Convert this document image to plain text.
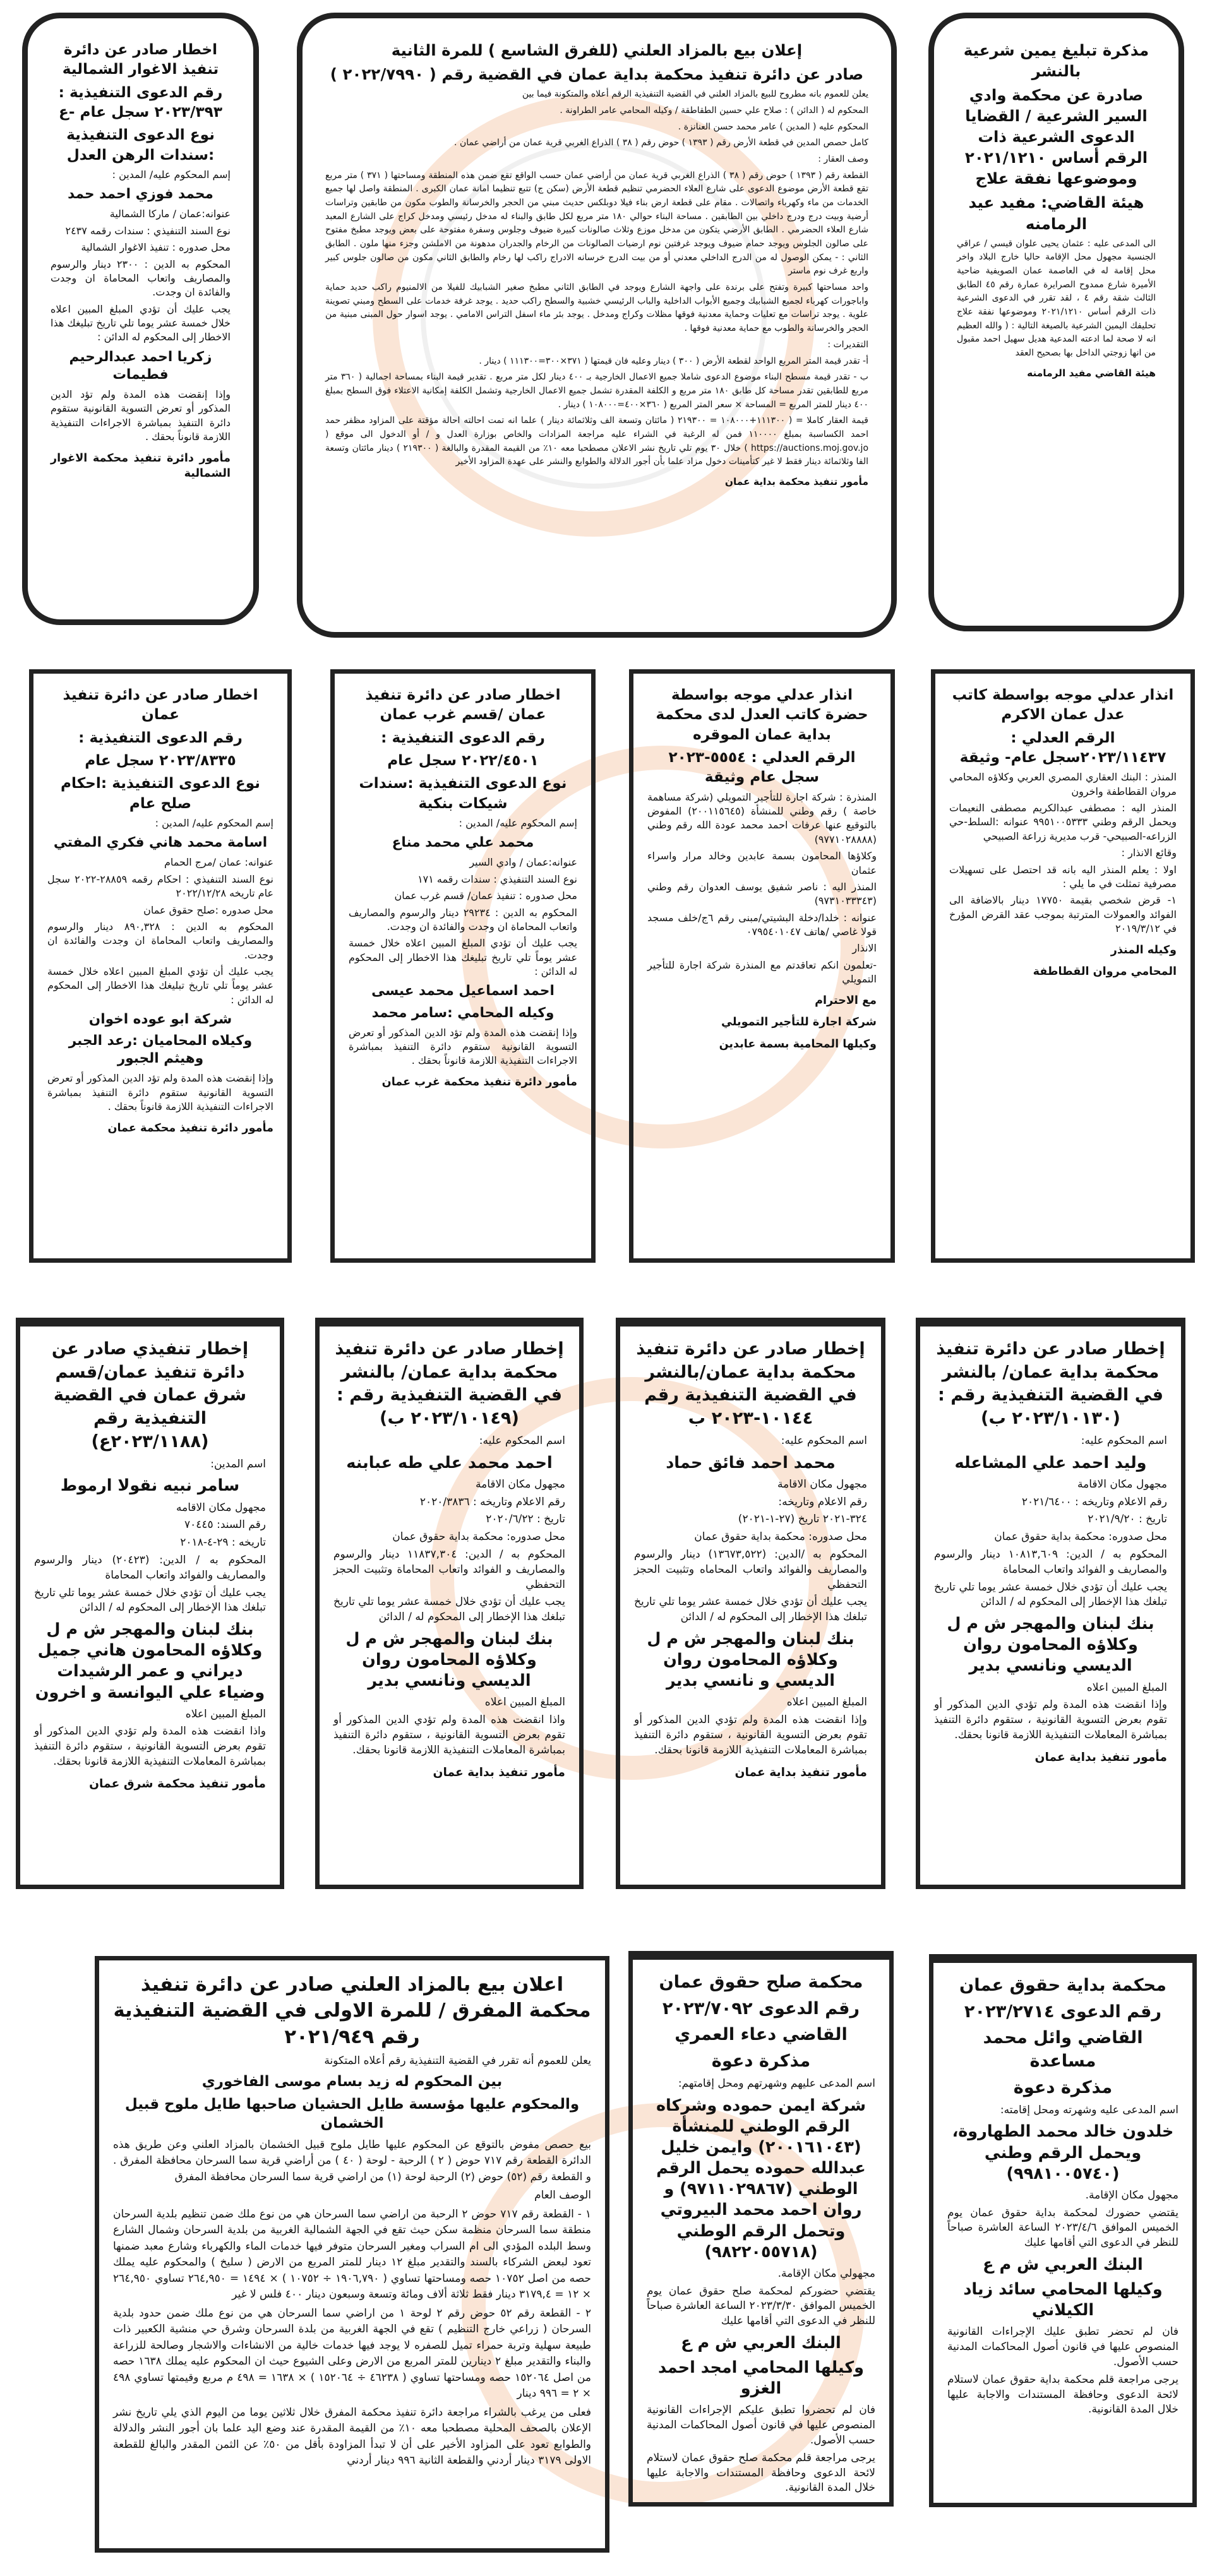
اخطار صادر عن دائرة تنفيذ الاغوار الشمالية
رقم الدعوى التنفيذية : ٢٠٢٣/٣٩٣ سجل عام -ع
نوع الدعوى التنفيذية :سندات الرهن العدل
إسم المحكوم عليه/ المدين :
محمد فوزي احمد حمد
عنوانه:عمان / ماركا الشمالية
نوع السند التنفيذي : سندات رقمه ٢٤٣٧
محل صدوره : تنفيذ الاغوار الشمالية
المحكوم به الدين : ٢٣٠٠ دينار والرسوم والمصاريف واتعاب المحاماة ان وجدت والفائدة ان وجدت.
يجب عليك أن تؤدي المبلغ المبين اعلاه خلال خمسة عشر يوما تلي تاريخ تبليغك هذا الاخطار إلى المحكوم له الدائن :
زكريا احمد عبدالرحيم فطيمات
وإذا إنقضت هذه المدة ولم تؤد الدين المذكور أو تعرض التسوية القانونية ستقوم دائرة التنفيذ بمباشرة الاجراءات التنفيذية اللازمة قانوناً بحقك .
مأمور دائرة تنفيذ محكمة الاغوار الشمالية
إعلان بيع بالمزاد العلني (للفرق الشاسع ) للمرة الثانية
صادر عن دائرة تنفيذ محكمة بداية عمان في القضية رقم ( ٢٠٢٢/٧٩٩٠ )
يعلن للعموم بانه مطروح للبيع بالمزاد العلني في القضية التنفيذية الرقم أعلاه والمتكونة فيما بين
المحكوم له ( الدائن ) : صلاح علي حسين الطقاطقة / وكيله المحامي عامر الطراونة .
المحكوم عليه ( المدين ) عامر محمد حسن العنانزة .
كامل حصص المدين في قطعة الأرض رقم ( ١٣٩٣ ) حوض رقم ( ٣٨ ) الذراع الغربي قرية عمان من أراضي عمان .
وصف العقار :
القطعة رقم ( ١٣٩٣ ) حوض رقم ( ٣٨ ) الذراع الغربي قرية عمان من أراضي عمان حسب الواقع تقع ضمن هذه المنطقة ومساحتها ( ٣٧١ ) متر مربع تقع قطعة الأرض موضوع الدعوى على شارع العلاء الحضرمي تنظيم قطعة الأرض (سكن ج) تتبع تنظيما امانة عمان الكبرى . المنطقة واصل لها جميع الخدمات من ماء وكهرباء واتصالات . مقام على قطعة ارض بناء فيلا دوبلكس حديث مبني من الحجر والخرسانة والطوب مكون من طابقين وتراسات أرضية وبيت درج ودرج داخلي بين الطابقين . مساحة البناء حوالي ١٨٠ متر مربع لكل طابق والبناء له مدخل رئيسي ومدخل كراج على الشارع المعبد شارع العلاء الحضرمي . الطابق الأرضي يتكون من مدخل موزع وثلاث صالونات كبيرة ضيوف وجلوس وسفرة مفتوحة على بعض ويوجد مطبخ مفتوح على صالون الجلوس ويوجد حمام ضيوف ويوجد غرفتين نوم ارضيات الصالونات من الرخام والجدران مدهونة من الاملشن وجزء منها ملون . الطابق الثاني : - يمكن الوصول له من الدرج الداخلي معدني أو من بيت الدرج خرسانه الادراج راكب لها رخام والطابق الثاني مكون من صالون جلوس كبير واربع غرف نوم ماستر
واحد مساحتها كبيرة وتفتح على برندة على واجهة الشارع ويوجد في الطابق الثاني مطبخ صغير الشبابيك للفيلا من الالمنيوم راكب حديد حماية واباجورات كهرباء لجميع الشبابيك وجميع الأبواب الداخلية والباب الرئيسي خشبية والسطح راكب حديد . يوجد غرفة خدمات على السطح ومبني تصوينة علوية . يوجد تراسات مع تعليات وحماية معدنية فوقها مظلات وكراج ومدخل . يوجد بئر ماء اسفل التراس الامامي . يوجد اسوار حول المبنى مبنية من الحجر والخرسانة والطوب مع حماية معدنية فوقها .
التقديرات :
أ- تقدر قيمة المتر المربع الواحد لقطعة الأرض ( ٣٠٠ ) دينار وعليه فان قيمتها ( ٣٧١×٣٠٠=١١١٣٠٠ ) دينار .
ب - تقدر قيمة مسطح البناء موضوع الدعوى شاملا جميع الاعمال الخارجية بـ ٤٠٠ دينار لكل متر مربع . تقدير قيمة البناء بمساحة اجمالية ( ٣٦٠ متر مربع للطابقين تقدر مساحة كل طابق ١٨٠ متر مربع و الكلفة المقدرة تشمل جميع الاعمال الخارجية وتشمل الكلفة إمكانية الاعتلاء فوق السطح بمبلغ ٤٠٠ دينار للمتر المربع = المساحة × سعر المتر المربع ( ٣٦٠×٤٠٠=١٠٨٠٠٠ ) دينار .
قيمة العقار كاملا = ( ١١١٣٠٠+١٠٨٠٠٠ = ٢١٩٣٠٠ ( مائتان وتسعة الف وثلاثمائة دينار ) علما انه تمت احالته احالة مؤقتة على المزاود مظفر حمد احمد الكساسبة بمبلغ ١١٠٠٠٠ فمن له الرغبة في الشراء عليه مراجعة المزادات والخاص بوزارة العدل و / أو الدخول الى موقع ( https://auctions.moj.gov.jo ) خلال ٣٠ يوم تلي تاريخ نشر الاعلان مصطحبا معه ١٠٪ من القيمة المقدرة والبالغة ( ٢١٩٣٠٠ ) دينار مائتان وتسعة الفا وثلاثمائة دينار فقط لا غير كتأمينات دخول مزاد علما بأن أجور الدلالة والطوابع والنشر على عهدة المزاود الأخير
مأمور تنفيذ محكمة بداية عمان
مذكرة تبليغ يمين شرعية بالنشر
صادرة عن محكمة وادي السير الشرعية / القضايا الدعوى الشرعية ذات الرقم أساس ٢٠٢١/١٢١٠ وموضوعها نفقة علاج
هيئة القاضي: مفيد عيد الرمامنه
الى المدعى عليه : عثمان يحيى علوان قيسي / عراقي الجنسية مجهول محل الإقامة حاليا خارج البلاد واخر محل إقامة له في العاصمة عمان الصويفية ضاحية الأميرة شارع ممدوح الصرايرة عمارة رقم ٤٥ الطابق الثالث شقة رقم ٤ ، لقد تقرر في الدعوى الشرعية ذات الرقم أساس ٢٠٢١/١٢١٠ وموضوعها نفقة علاج تحليفك اليمين الشرعية بالصيغة التالية : ( والله العظيم انه لا صحة لما ادعته المدعية هديل سهيل احمد مقبول من انها زوجتي الداخل بها بصحيح العقد
هيئة القاضي مفيد الرمامنه
اخطار صادر عن دائرة تنفيذ عمان
رقم الدعوى التنفيذية :
٢٠٢٣/٨٣٣٥ سجل عام
نوع الدعوى التنفيذية :احكام صلح عام
إسم المحكوم عليه/ المدين :
اسامة محمد هاني فكري المفتي
عنوانه: عمان /مرج الحمام
نوع السند التنفيذي : احكام رقمه ٢٨٨٥٩-٢٠٢٢ سجل عام تاريخه ٢٠٢٢/١٢/٢٨
محل صدوره :صلح حقوق عمان
المحكوم به الدين : ٨٩٠,٣٢٨ دينار والرسوم والمصاريف واتعاب المحاماة ان وجدت والفائدة ان وجدت.
يجب عليك أن تؤدي المبلغ المبين اعلاه خلال خمسة عشر يوماً تلي تاريخ تبليغك هذا الاخطار إلى المحكوم له الدائن :
شركة ابو عوده اخوان
وكيلاه المحاميان :رعد الجبر وهيثم الجبور
وإذا إنقضت هذه المدة ولم تؤد الدين المذكور أو تعرض التسوية القانونية ستقوم دائرة التنفيذ بمباشرة الاجراءات التنفيذية اللازمة قانوناً بحقك .
مأمور دائرة تنفيذ محكمة عمان
اخطار صادر عن دائرة تنفيذ عمان /قسم غرب عمان
رقم الدعوى التنفيذية :
٢٠٢٢/٤٥٠١ سجل عام
نوع الدعوى التنفيذية :سندات شيكات بنكية
إسم المحكوم عليه/ المدين :
محمد علي محمد مناع
عنوانه:عمان / وادي السير
نوع السند التنفيذي : سندات رقمه ١٧١
محل صدوره : تنفيذ عمان/ قسم غرب عمان
المحكوم به الدين : ٢٩٢٣٤ دينار والرسوم والمصاريف واتعاب المحاماة ان وجدت والفائدة ان وجدت.
يجب عليك أن تؤدي المبلغ المبين اعلاه خلال خمسة عشر يوماً تلي تاريخ تبليغك هذا الاخطار إلى المحكوم له الدائن :
احمد اسماعيل محمد عيسى
وكيله المحامي :سامر محمد
وإذا إنقضت هذه المدة ولم تؤد الدين المذكور أو تعرض التسوية القانونية ستقوم دائرة التنفيذ بمباشرة الاجراءات التنفيذية اللازمة قانوناً بحقك .
مأمور دائرة تنفيذ محكمة غرب عمان
انذار عدلي موجه بواسطة حضرة كاتب العدل لدى محكمة بداية عمان الموقره
الرقم العدلي : ٥٥٥٤-٢٠٢٣ سجل عام وثيقة
المنذرة : شركة اجارة للتأجير التمويلي (شركة مساهمة خاصة ) رقم وطني للمنشأة (٢٠٠١١٥٦٤٥) المفوض بالتوقيع عنها عرفات احمد محمد عودة الله رقم وطني (٩٧٧١٠٢٨٨٨٨)
وكلاؤها المحامون بسمة عابدين وخالد مرار واسراء عثمان
المنذر اليه : ناصر شفيق يوسف العدوان رقم وطني (٩٧٣١٠٣٣٣٤٣)
عنوانه : خلدا/دخلة البشيتي/مبنى رقم ٦ج/خلف مسجد قولا غاصي /هاتف ٠٧٩٥٤٠١٠٤٧
الانذار
-تعلمون انكم تعاقدتم مع المنذرة شركة اجارة للتأجير التمويلي
مع الاحترام
شركة اجارة للتأجير التمويلي
وكيلها المحامية بسمة عابدين
انذار عدلي موجه بواسطة كاتب عدل عمان الاكرم
الرقم العدلي : ٢٠٢٣/١١٤٣٧سجل عام- وثيقة
المنذر : البنك العقاري المصري العربي وكلاؤه المحامي مروان القطاطفة واخرون
المنذر اليه : مصطفى عبدالكريم مصطفى النعيمات ويحمل الرقم وطني ٩٩٥١٠٠٥٣٣٣ عنوانه :السلط-حي الزراعه-الصبيحي- قرب مديرية زراعة الصبيحي
وقائع الانذار :
اولا : يعلم المنذر اليه بانه قد احتصل على تسهيلات مصرفية تمثلت في ما يلي :
١- قرض شخصي بقيمة ١٧٧٥٠ دينار بالاضافة الى الفوائد والعمولات المترتبة بموجب عقد القرض المؤرخ في ٢٠١٩/٣/١٢
وكيله المنذر
المحامي مروان القطاطفة
إخطار تنفيذي صادر عن دائرة تنفيذ عمان/قسم شرق عمان في القضية التنفيذية رقم (٢٠٢٣/١١٨٨ع)
اسم المدين:
سامر نبيه نقولا ارموط
مجهول مكان الاقامه
رقم السند: ٧٠٤٤٥
تاريخه : ٢٩-٤-٢٠١٨
المحكوم به / الدين: (٢٠٤٢٣) دينار والرسوم والمصاريف والفوائد واتعاب المحاماة
يجب عليك أن تؤدي خلال خمسة عشر يوما تلي تاريخ تبلغك هذا الإخطار إلى المحكوم له / الدائن
بنك لبنان والمهجر ش م ل وكلاؤه المحامون هاني جميل ديراني و عمر الرشيدات وضياء علي اليوانسة و اخرون
المبلغ المبين اعلاه
واذا انقضت هذه المدة ولم تؤدي الدين المذكور أو تقوم بعرض التسوية القانونية ، ستقوم دائرة التنفيذ بمباشرة المعاملات التنفيذية اللازمة قانونا بحقك.
مأمور تنفيذ محكمة شرق عمان
إخطار صادر عن دائرة تنفيذ محكمة بداية عمان/ بالنشر في القضية التنفيذية رقم : (٢٠٢٣/١٠١٤٩ ب)
اسم المحكوم عليه:
احمد محمد علي طه عبابنه
مجهول مكان الاقامة
رقم الاعلام وتاريخه : ٢٠٢٠/٣٨٣٦
تاريخ : ٢٠٢٠/٦/٢٢
محل صدوره: محكمة بداية حقوق عمان
المحكوم به / الدين: ١١٨٣٧,٣٠٤ دينار والرسوم والمصاريف و الفوائد واتعاب المحاماة وتثبيت الحجز التحفظي
يجب عليك أن تؤدي خلال خمسة عشر يوما تلي تاريخ تبلغك هذا الإخطار إلى المحكوم له / الدائن
بنك لبنان والمهجر ش م ل وكلاؤه المحامون روان الديسي ونانسي بدير
المبلغ المبين اعلاه
واذا انقضت هذه المدة ولم تؤدي الدين المذكور أو تقوم بعرض التسوية القانونية ، ستقوم دائرة التنفيذ بمباشرة المعاملات التنفيذية اللازمة قانونا بحقك.
مأمور تنفيذ بداية عمان
إخطار صادر عن دائرة تنفيذ محكمة بداية عمان/بالنشر في القضية التنفيذية رقم ١٠١٤٤-٢٠٢٣ ب
اسم المحكوم عليه:
محمد احمد فائق حماد
مجهول مكان الاقامة
رقم الاعلام وتاريخه:
٣٢٤-٢٠٢١ تاريخ (٢٧-١-٢٠٢١)
محل صدوره: محكمة بداية حقوق عمان
المحكوم به /الدين: (١٣٦٧٣,٥٢٢) دينار والرسوم والمصاريف والفوائد واتعاب المحاماه وتثبيت الحجز التحفظي
يجب عليك أن تؤدي خلال خمسة عشر يوما تلي تاريخ تبلغك هذا الإخطار إلى المحكوم له / الدائن
بنك لبنان والمهجر ش م ل وكلاؤه المحامون روان الديسي و نانسي بدير
المبلغ المبين اعلاه
وإذا انقضت هذه المدة ولم تؤدي الدين المذكور أو تقوم بعرض التسوية القانونية ، ستقوم دائرة التنفيذ بمباشرة المعاملات التنفيذية اللازمة قانونا بحقك.
مأمور تنفيذ بداية عمان
إخطار صادر عن دائرة تنفيذ محكمة بداية عمان/ بالنشر في القضية التنفيذية رقم : (٢٠٢٣/١٠١٣٠ ب)
اسم المحكوم عليه:
وليد احمد علي المشاعله
مجهول مكان الاقامة
رقم الاعلام وتاريخه : ٢٠٢١/٦٤٠٠
تاريخ : ٢٠٢١/٩/٢٠
محل صدوره: محكمة بداية حقوق عمان
المحكوم به / الدين: ١٠٨١٣,٦٠٩ دينار والرسوم والمصاريف و الفوائد واتعاب المحاماة
يجب عليك أن تؤدي خلال خمسة عشر يوما تلي تاريخ تبلغك هذا الإخطار إلى المحكوم له / الدائن
بنك لبنان والمهجر ش م ل وكلاؤه المحامون روان الديسي ونانسي بدير
المبلغ المبين اعلاه
وإذا انقضت هذه المدة ولم تؤدي الدين المذكور أو تقوم بعرض التسوية القانونية ، ستقوم دائرة التنفيذ بمباشرة المعاملات التنفيذية اللازمة قانونا بحقك.
مأمور تنفيذ بداية عمان
اعلان بيع بالمزاد العلني صادر عن دائرة تنفيذ محكمة المفرق / للمرة الاولى في القضية التنفيذية رقم ٢٠٢١/٩٤٩
يعلن للعموم أنه تقرر في القضية التنفيذية رقم أعلاه المتكونة
بين المحكوم له زيد بسام موسى الفاخوري
والمحكوم عليها مؤسسة طايل الحشيان صاحبها طايل ملوح قبيل الخشمان
بيع حصص مفوض بالتوقع عن المحكوم عليها طايل ملوح قبيل الخشمان بالمزاد العلني وعن طريق هذه الدائرة القطعة رقم ٧١٧ حوض ( ٢ ) الرحبة - لوحة ( ٤٠ ) من أراضي قرية سما السرحان محافظة المفرق . و القطعة رقم (٥٢) حوض (٢) الرحبة لوحة (١) من اراضي قرية سما السرحان محافظة المفرق
الوصف العام
١ - القطعة رقم ٧١٧ حوض ٢ الرحبة من اراضي سما السرحان هي من نوع ملك ضمن تنظيم بلدية السرحان منطقة سما السرحان منظمة سكن حيث تقع في الجهة الشمالية الغربية من بلدية السرحان وشمال الشارع وسط البلده المؤدي الى ام السراب ومغير السرحان متوفر فيها خدمات الماء والكهرباء وشارع معبد ضمنها تعود لبعض الشركاء بالسند والتقدير مبلغ ١٢ دينار للمتر المربع من الارض ( سليخ ) والمحكوم عليه يملك حصه من اصل ١٠٧٥٢ حصه ومساحتها تساوي ( ١٩٠٦,٧٩٠ ÷ ١٠٧٥٢ ) × ١٤٩٤ = ٢٦٤,٩٥٠ تساوي ٢٦٤,٩٥٠ × ١٢ = ٣١٧٩,٤ دينار فقط ثلاثة ألاف ومائة وتسعة وسبعون دينار ٤٠٠ فلس لا غير
٢ - القطعة رقم ٥٢ حوض رقم ٢ لوحة ١ من اراضي سما السرحان هي من نوع ملك ضمن حدود بلدية السرحان ( زراعي خارج التنظيم ) تقع في الجهة الغربية من بلدة السرحان وشرق حي منشية الكعبير ذات طبيعة سهلية وتربة حمراء تميل للصفره لا يوجد فيها خدمات خالية من الانشاءات والاشجار وصالحة للزراعة والبناء والتقدير مبلغ ٢ دينارين للمتر المربع من الارض وعلى الشيوع حيث ان المحكوم عليه يملك ١٦٣٨ حصه من اصل ١٥٢٠٦٤ حصه ومساحتها تساوي ( ٤٦٢٣٨ ÷ ١٥٢٠٦٤ ) × ١٦٣٨ = ٤٩٨ م مربع وقيمتها تساوي ٤٩٨ × ٢ = ٩٩٦ دينار
فعلى من يرغب بالشراء مراجعة دائرة تنفيذ محكمة المفرق خلال ثلاثين يوما من اليوم الذي يلي تاريخ نشر الإعلان بالصحف المحلية مصطحبا معه ١٠٪ من القيمة المقدرة عند وضع اليد علما بان أجور النشر والدلالة والطوابع تعود على المزاود الأخير على أن لا تبدأ المزاودة بأقل من ٥٠٪ عن الثمن المقدر والبالغ للقطعة الاولى ٣١٧٩ دينار أردني والقطعة الثانية ٩٩٦ دينار أردني
محكمة صلح حقوق عمان
رقم الدعوى ٢٠٢٣/٧٠٩٢
القاضي دعاء العمري
مذكرة دعوة
اسم المدعى عليهم وشهرتهم ومحل إقامتهم:
شركة ايمن حموده وشركاه الرقم الوطني للمنشأة (٢٠٠١٦١٠٤٣) وايمن خليل عبدالله حموده يحمل الرقم الوطني (٩٧١١٠٢٩٨٦٧) و روان احمد محمد البيروتي وتحمل الرقم الوطني (٩٨٢٢٠٥٥٧١٨)
مجهولي مكان الإقامة.
يقتضي حضوركم لمحكمة صلح حقوق عمان يوم الخميس الموافق ٢٠٢٣/٣/٣٠ الساعة العاشرة صباحاً للنظر في الدعوى التي أقامها عليك
البنك العربي ش م ع
وكيلها المحامي امجد احمد الغزو
فان لم تحضروا تطبق عليكم الإجراءات القانونية المنصوص عليها في قانون أصول المحاكمات المدنية حسب الأصول.
يرجى مراجعة قلم محكمة صلح حقوق عمان لاستلام لائحة الدعوى وحافظة المستندات والاجابة عليها خلال المدة القانونية.
محكمة بداية حقوق عمان
رقم الدعوى ٢٠٢٣/٢٧١٤
القاضي وائل محمد مساعدة
مذكرة دعوة
اسم المدعى عليه وشهرته ومحل إقامته:
خلدون خالد محمد الطهاروة، ويحمل الرقم وطني (٩٩٨١٠٠٥٧٤٠)
مجهول مكان الإقامة.
يقتضي حضورك لمحكمة بداية حقوق عمان يوم الخميس الموافق ٢٠٢٣/٤/٦ الساعة العاشرة صباحاً للنظر في الدعوى التي أقامها عليك
البنك العربي ش م ع
وكيلها المحامي سائد زياد الكيلاني
فان لم تحضر تطبق عليك الإجراءات القانونية المنصوص عليها في قانون أصول المحاكمات المدنية حسب الأصول.
يرجى مراجعة قلم محكمة بداية حقوق عمان لاستلام لائحة الدعوى وحافظة المستندات والاجابة عليها خلال المدة القانونية.
